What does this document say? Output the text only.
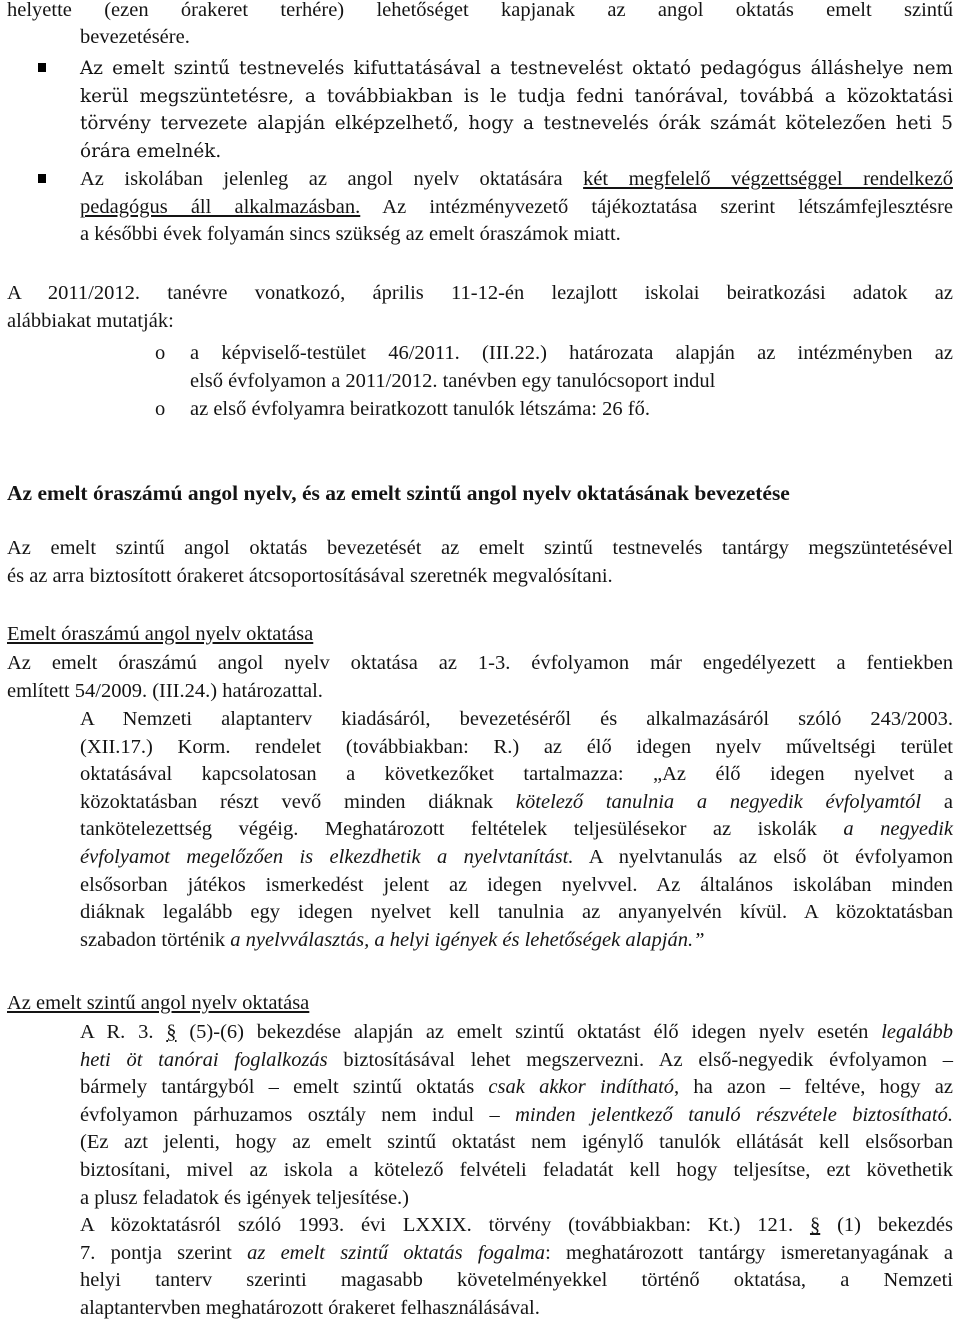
helyette (ezen órakeret terhére) lehetőséget kapjanak az angol oktatás emelt szintű
bevezetésére.
Az emelt szintű testnevelés kifuttatásával a testnevelést oktató pedagógus álláshelye nem
kerül megszüntetésre, a továbbiakban is le tudja fedni tanórával, továbbá a közoktatási
törvény tervezete alapján elképzelhető, hogy a testnevelés órák számát kötelezően heti 5
órára emelnék.
Az iskolában jelenleg az angol nyelv oktatására két megfelelő végzettséggel rendelkező
pedagógus áll alkalmazásban. Az intézményvezető tájékoztatása szerint létszámfejlesztésre
a későbbi évek folyamán sincs szükség az emelt óraszámok miatt.
A 2011/2012. tanévre vonatkozó, április 11-12-én lezajlott iskolai beiratkozási adatok az
alábbiakat mutatják:
o a képviselő-testület 46/2011. (III.22.) határozata alapján az intézményben az
első évfolyamon a 2011/2012. tanévben egy tanulócsoport indul
o az első évfolyamra beiratkozott tanulók létszáma: 26 fő.
Az emelt óraszámú angol nyelv, és az emelt szintű angol nyelv oktatásának bevezetése
Az emelt szintű angol oktatás bevezetését az emelt szintű testnevelés tantárgy megszüntetésével
és az arra biztosított órakeret átcsoportosításával szeretnék megvalósítani.
Emelt óraszámú angol nyelv oktatása
Az emelt óraszámú angol nyelv oktatása az 1-3. évfolyamon már engedélyezett a fentiekben
említett 54/2009. (III.24.) határozattal.
A Nemzeti alaptanterv kiadásáról, bevezetéséről és alkalmazásáról szóló 243/2003.
(XII.17.) Korm. rendelet (továbbiakban: R.) az élő idegen nyelv műveltségi terület
oktatásával kapcsolatosan a következőket tartalmazza: „Az élő idegen nyelvet a
közoktatásban részt vevő minden diáknak kötelező tanulnia a negyedik évfolyamtól a
tankötelezettség végéig. Meghatározott feltételek teljesülésekor az iskolák a negyedik
évfolyamot megelőzően is elkezdhetik a nyelvtanítást. A nyelvtanulás az első öt évfolyamon
elsősorban játékos ismerkedést jelent az idegen nyelvvel. Az általános iskolában minden
diáknak legalább egy idegen nyelvet kell tanulnia az anyanyelvén kívül. A közoktatásban
szabadon történik a nyelvválasztás, a helyi igények és lehetőségek alapján.”
Az emelt szintű angol nyelv oktatása
A R. 3. § (5)-(6) bekezdése alapján az emelt szintű oktatást élő idegen nyelv esetén legalább
heti öt tanórai foglalkozás biztosításával lehet megszervezni. Az első-negyedik évfolyamon –
bármely tantárgyból – emelt szintű oktatás csak akkor indítható, ha azon – feltéve, hogy az
évfolyamon párhuzamos osztály nem indul – minden jelentkező tanuló részvétele biztosítható.
(Ez azt jelenti, hogy az emelt szintű oktatást nem igénylő tanulók ellátását kell elsősorban
biztosítani, mivel az iskola a kötelező felvételi feladatát kell hogy teljesítse, ezt követhetik
a plusz feladatok és igények teljesítése.)
A közoktatásról szóló 1993. évi LXXIX. törvény (továbbiakban: Kt.) 121. § (1) bekezdés
7. pontja szerint az emelt szintű oktatás fogalma: meghatározott tantárgy ismeretanyagának a
helyi tanterv szerinti magasabb követelményekkel történő oktatása, a Nemzeti
alaptantervben meghatározott órakeret felhasználásával.
